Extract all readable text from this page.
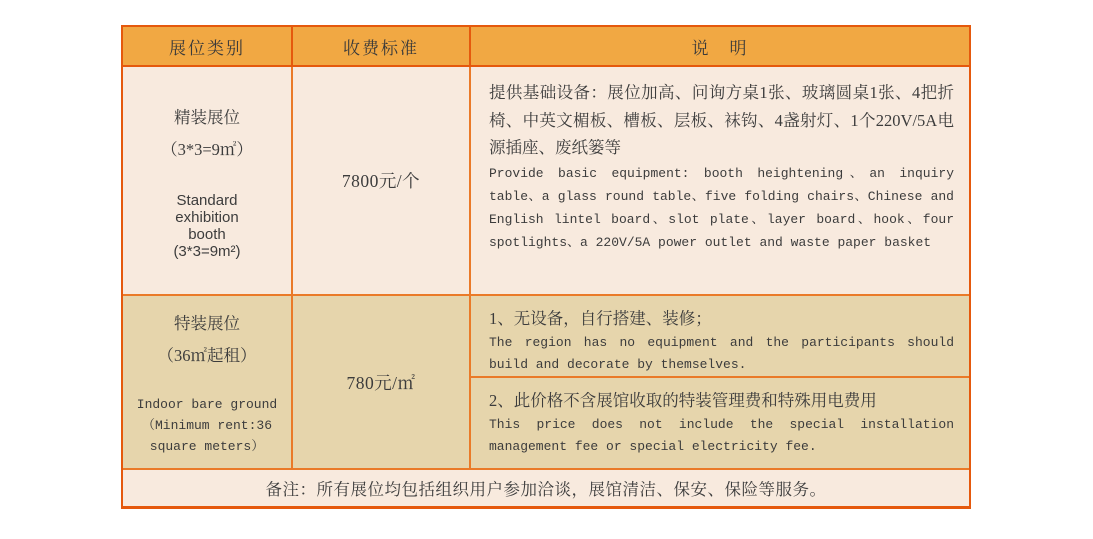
展位类别	收费标准	说　明
精装展位
（3*3=9㎡）
Standard exhibition booth
(3*3=9m²)
7800元/个
提供基础设备：展位加高、问询方桌1张、玻璃圆桌1张、4把折椅、中英文楣板、槽板、层板、袜钩、4盏射灯、1个220V/5A电源插座、废纸篓等
Provide basic equipment: booth heightening、an inquiry table、a glass round table、five folding chairs、Chinese and English lintel board、slot plate、layer board、hook、four spotlights、a 220V/5A power outlet and waste paper basket
特装展位
（36㎡起租）
Indoor bare ground（Minimum rent:36 square meters）
780元/㎡
1、无设备，自行搭建、装修；
The region has no equipment and the participants should build and decorate by themselves.
2、此价格不含展馆收取的特装管理费和特殊用电费用
This price does not include the special installation management fee or special electricity fee.
备注：所有展位均包括组织用户参加洽谈，展馆清洁、保安、保险等服务。
